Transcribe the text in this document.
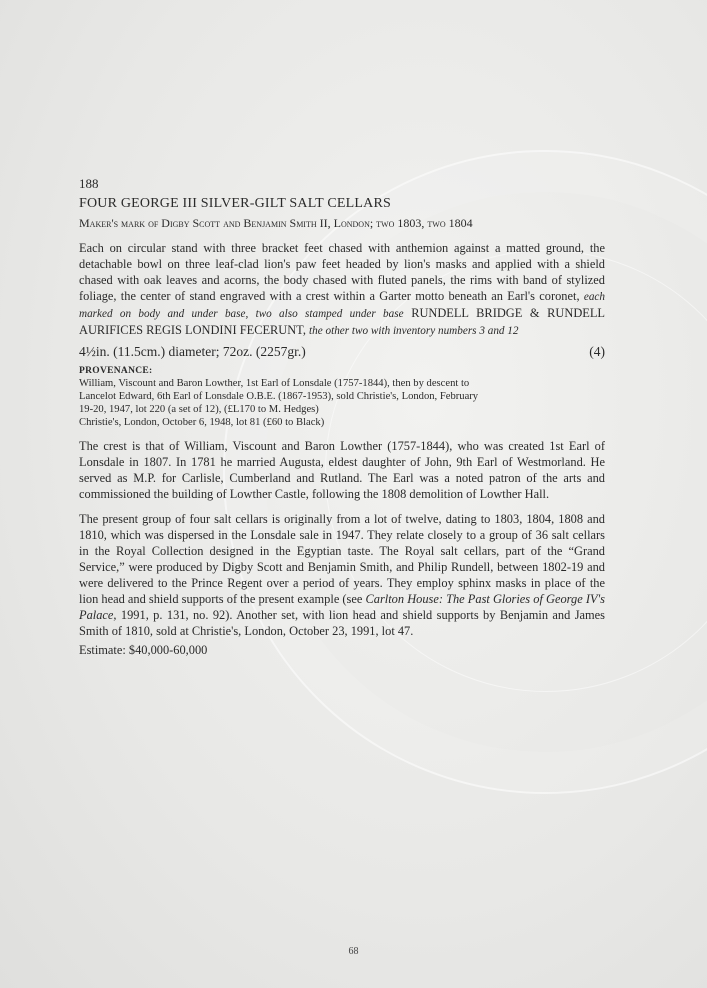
188

FOUR GEORGE III SILVER-GILT SALT CELLARS

Maker's mark of Digby Scott and Benjamin Smith II, London; two 1803, two 1804

Each on circular stand with three bracket feet chased with anthemion against a matted ground, the detachable bowl on three leaf-clad lion's paw feet headed by lion's masks and applied with a shield chased with oak leaves and acorns, the body chased with fluted panels, the rims with band of stylized foliage, the center of stand engraved with a crest within a Garter motto beneath an Earl's coronet, each marked on body and under base, two also stamped under base RUNDELL BRIDGE & RUNDELL AURIFICES REGIS LONDINI FECERUNT, the other two with inventory numbers 3 and 12

4½in. (11.5cm.) diameter; 72oz. (2257gr.)	(4)

PROVENANCE:

William, Viscount and Baron Lowther, 1st Earl of Lonsdale (1757-1844), then by descent to

Lancelot Edward, 6th Earl of Lonsdale O.B.E. (1867-1953), sold Christie's, London, February

19-20, 1947, lot 220 (a set of 12), (£L170 to M. Hedges)

Christie's, London, October 6, 1948, lot 81 (£60 to Black)

The crest is that of William, Viscount and Baron Lowther (1757-1844), who was created 1st Earl of Lonsdale in 1807. In 1781 he married Augusta, eldest daughter of John, 9th Earl of Westmorland. He served as M.P. for Carlisle, Cumberland and Rutland. The Earl was a noted patron of the arts and commissioned the building of Lowther Castle, following the 1808 demolition of Lowther Hall.

The present group of four salt cellars is originally from a lot of twelve, dating to 1803, 1804, 1808 and 1810, which was dispersed in the Lonsdale sale in 1947. They relate closely to a group of 36 salt cellars in the Royal Collection designed in the Egyptian taste. The Royal salt cellars, part of the “Grand Service,” were produced by Digby Scott and Benjamin Smith, and Philip Rundell, between 1802-19 and were delivered to the Prince Regent over a period of years. They employ sphinx masks in place of the lion head and shield supports of the present example (see Carlton House: The Past Glories of George IV's Palace, 1991, p. 131, no. 92). Another set, with lion head and shield supports by Benjamin and James Smith of 1810, sold at Christie's, London, October 23, 1991, lot 47.

Estimate: $40,000-60,000

68
